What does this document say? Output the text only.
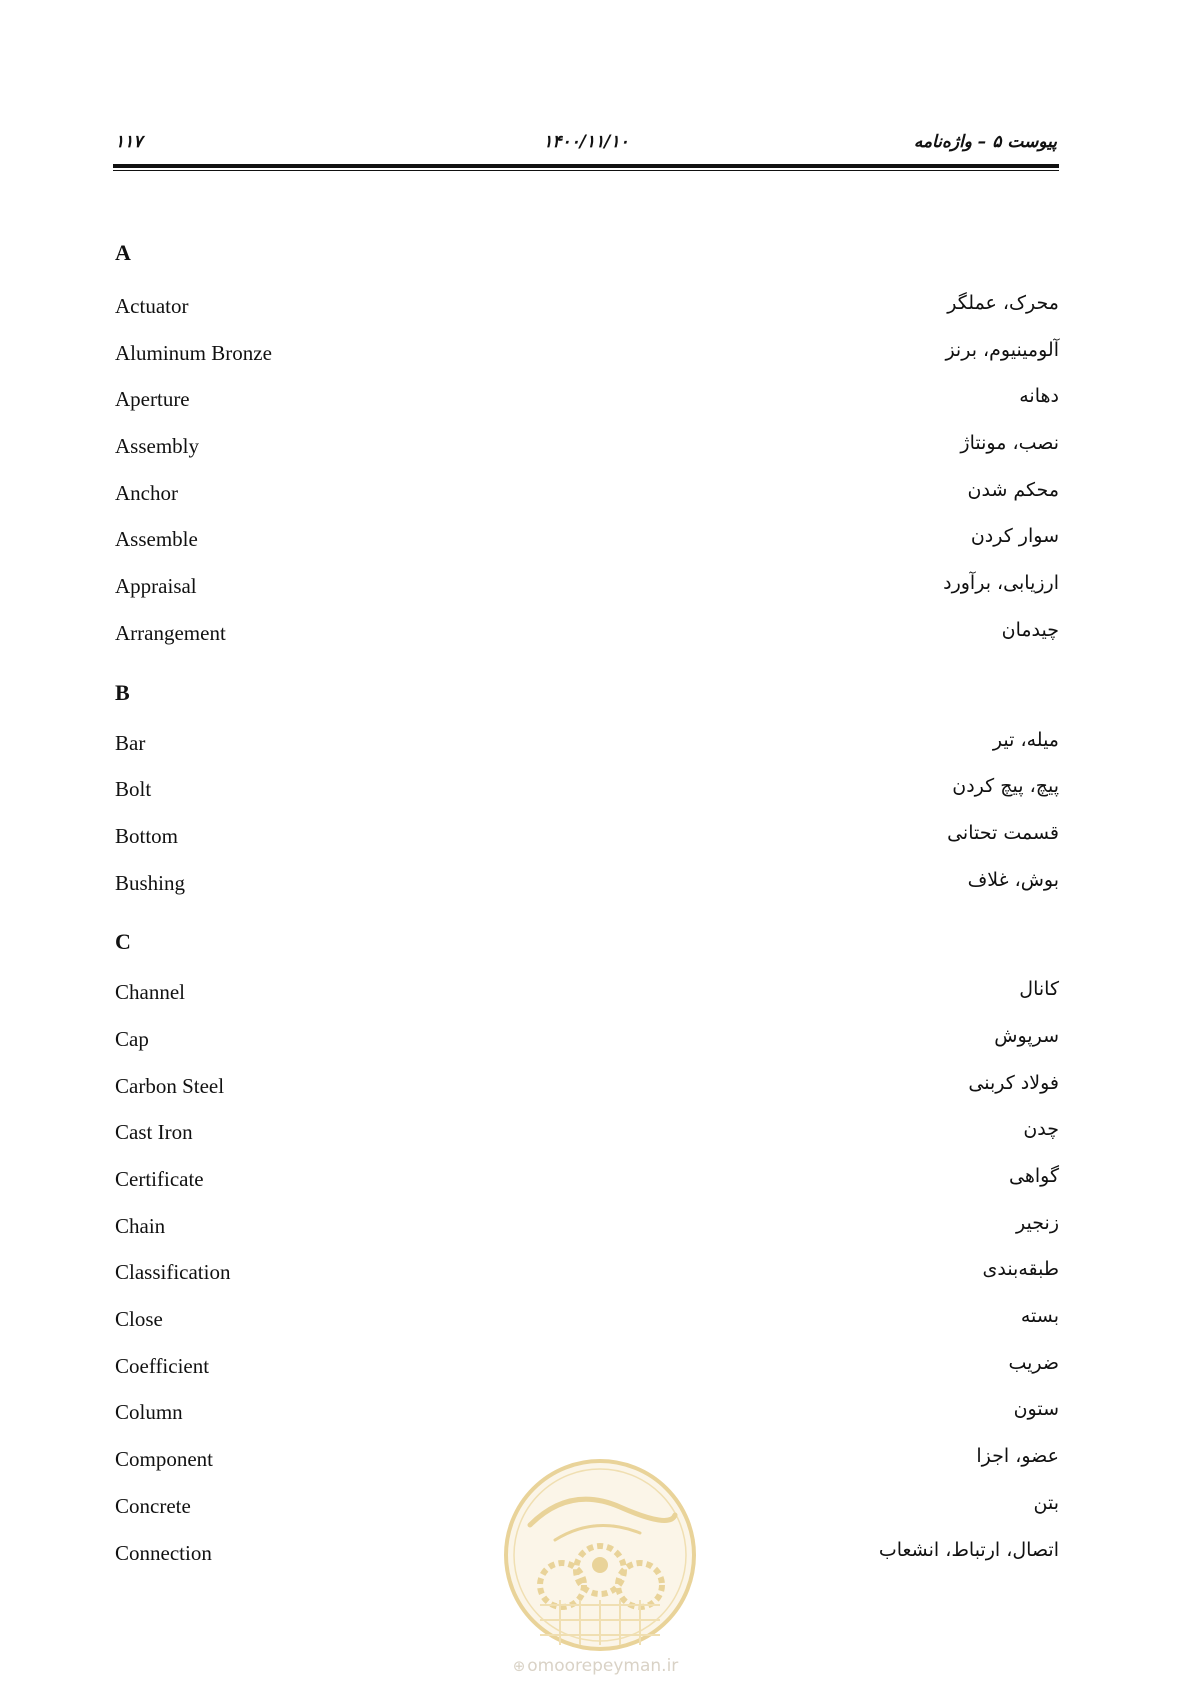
۱۱۷	۱۴۰۰/۱۱/۱۰	پیوست ۵ – واژه‌نامه
A
Actuator	محرک، عملگر
Aluminum Bronze	آلومینیوم، برنز
Aperture	دهانه
Assembly	نصب، مونتاژ
Anchor	محکم شدن
Assemble	سوار کردن
Appraisal	ارزیابی، برآورد
Arrangement	چیدمان
B
Bar	میله، تیر
Bolt	پیچ، پیچ کردن
Bottom	قسمت تحتانی
Bushing	بوش، غلاف
C
Channel	کانال
Cap	سرپوش
Carbon Steel	فولاد کربنی
Cast Iron	چدن
Certificate	گواهی
Chain	زنجیر
Classification	طبقه‌بندی
Close	بسته
Coefficient	ضریب
Column	ستون
Component	عضو، اجزا
Concrete	بتن
Connection	اتصال، ارتباط، انشعاب
⊕ omoorepeyman.ir
